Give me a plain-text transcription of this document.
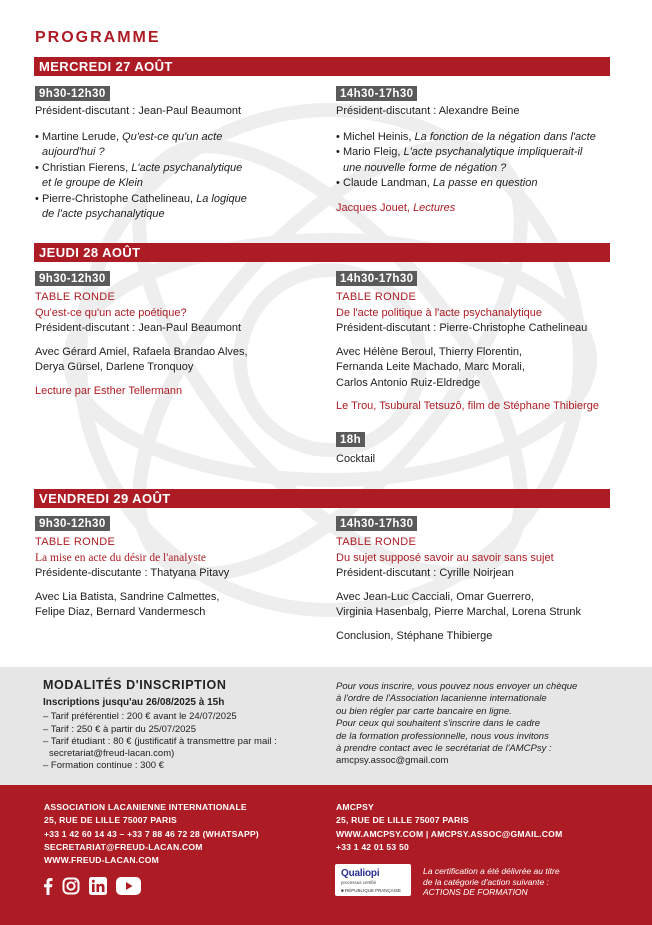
PROGRAMME
MERCREDI 27 AOÛT
9h30-12h30
Président-discutant : Jean-Paul Beaumont
• Martine Lerude, Qu'est-ce qu'un acte
aujourd'hui ?
• Christian Fierens, L'acte psychanalytique
et le groupe de Klein
• Pierre-Christophe Cathelineau, La logique
de l'acte psychanalytique
14h30-17h30
Président-discutant : Alexandre Beine
• Michel Heinis, La fonction de la négation dans l'acte
• Mario Fleig, L'acte psychanalytique impliquerait-il
une nouvelle forme de négation ?
• Claude Landman, La passe en question
Jacques Jouet, Lectures
JEUDI 28 AOÛT
9h30-12h30
TABLE RONDE
Qu'est-ce qu'un acte poétique?
Président-discutant : Jean-Paul Beaumont
Avec Gérard Amiel, Rafaela Brandao Alves,
Derya Gürsel, Darlene Tronquoy
Lecture par Esther Tellermann
14h30-17h30
TABLE RONDE
De l'acte politique à l'acte psychanalytique
Président-discutant : Pierre-Christophe Cathelineau
Avec Hélène Beroul, Thierry Florentin,
Fernanda Leite Machado, Marc Morali,
Carlos Antonio Ruiz-Eldredge
Le Trou, Tsubural Tetsuzô, film de Stéphane Thibierge
18h
Cocktail
VENDREDI 29 AOÛT
9h30-12h30
TABLE RONDE
La mise en acte du désir de l'analyste
Présidente-discutante : Thatyana Pitavy
Avec Lia Batista, Sandrine Calmettes,
Felipe Diaz, Bernard Vandermesch
14h30-17h30
TABLE RONDE
Du sujet supposé savoir au savoir sans sujet
Président-discutant : Cyrille Noirjean
Avec Jean-Luc Cacciali, Omar Guerrero,
Virginia Hasenbalg, Pierre Marchal, Lorena Strunk
Conclusion, Stéphane Thibierge
MODALITÉS D'INSCRIPTION
Inscriptions jusqu'au 26/08/2025 à 15h
– Tarif préférentiel : 200 € avant le 24/07/2025
– Tarif : 250 € à partir du 25/07/2025
– Tarif étudiant : 80 € (justificatif à transmettre par mail :
secretariat@freud-lacan.com)
– Formation continue : 300 €
Pour vous inscrire, vous pouvez nous envoyer un chèque
à l'ordre de l'Association lacanienne internationale
ou bien régler par carte bancaire en ligne.
Pour ceux qui souhaitent s'inscrire dans le cadre
de la formation professionnelle, nous vous invitons
à prendre contact avec le secrétariat de l'AMCPsy :
amcpsy.assoc@gmail.com
ASSOCIATION LACANIENNE INTERNATIONALE
25, RUE DE LILLE 75007 PARIS
+33 1 42 60 14 43 – +33 7 88 46 72 28 (WHATSAPP)
SECRETARIAT@FREUD-LACAN.COM
WWW.FREUD-LACAN.COM
AMCPSY
25, RUE DE LILLE 75007 PARIS
WWW.AMCPSY.COM | AMCPSY.ASSOC@GMAIL.COM
+33 1 42 01 53 50
Qualiopi
processus certifié
■ RÉPUBLIQUE FRANÇAISE
La certification a été délivrée au titre
de la catégorie d'action suivante :
ACTIONS DE FORMATION
